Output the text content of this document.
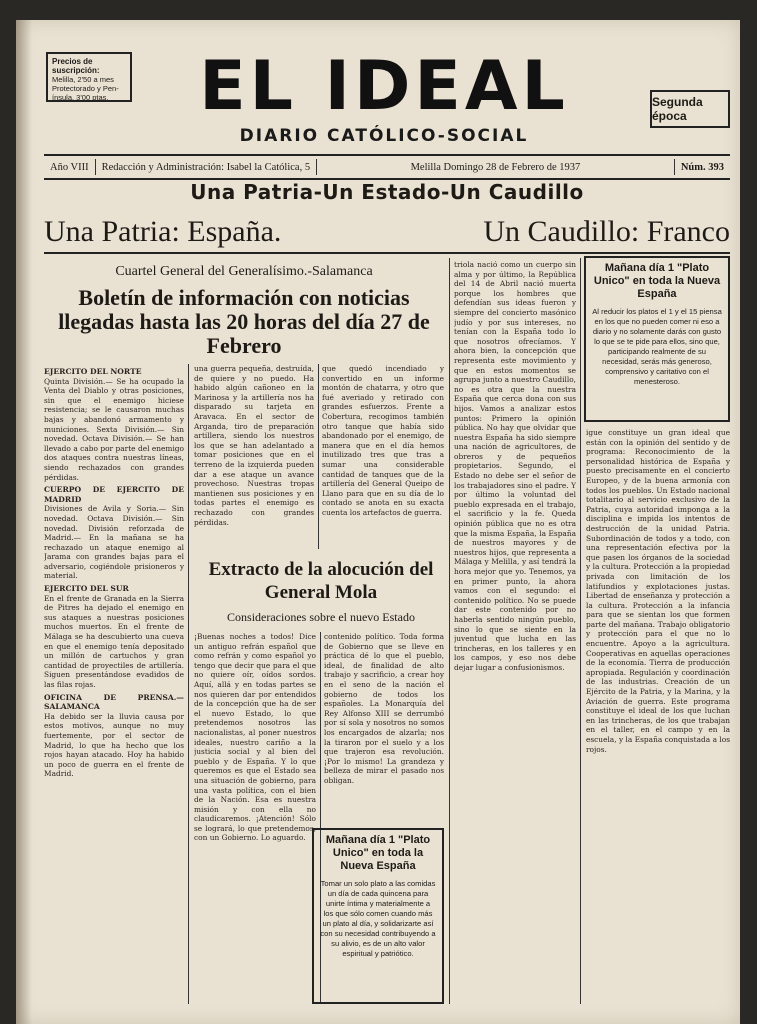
Precios de suscripción:
Melilla, 2'50 a mes
Protectorado y Pen-
ínsula, 3'00 ptas.	EL IDEAL
DIARIO CATÓLICO-SOCIAL
Segunda época
Año VIII	Redacción y Administración: Isabel la Católica, 5	Melilla Domingo 28 de Febrero de 1937	Núm. 393
Una Patria-Un Estado-Un Caudillo
Una Patria: España.	Un Caudillo: Franco
Cuartel General del Generalísimo.-Salamanca
Boletín de información con noticias llegadas hasta las 20 horas del día 27 de Febrero
EJERCITO DEL NORTE
Quinta División.— Se ha ocupado la Venta del Diablo y otras posiciones, sin que el enemigo hiciese resistencia; se le causaron muchas bajas y abandonó armamento y municiones. Sexta División.— Sin novedad. Octava División.— Se han llevado a cabo por parte del enemigo dos ataques contra nuestras líneas, siendo rechazados con grandes pérdidas.
CUERPO DE EJERCITO DE MADRID
Divisiones de Avila y Soria.— Sin novedad. Octava División.— Sin novedad. División reforzada de Madrid.— En la mañana se ha rechazado un ataque enemigo al Jarama con grandes bajas para el adversario, cogiéndole prisioneros y material.
EJERCITO DEL SUR
En el frente de Granada en la Sierra de Pitres ha dejado el enemigo en sus ataques a nuestras posiciones muchos muertos. En el frente de Málaga se ha descubierto una cueva en que el enemigo tenía depositado un millón de cartuchos y gran cantidad de proyectiles de artillería. Siguen presentándose evadidos de las filas rojas.
OFICINA DE PRENSA.— SALAMANCA
Ha debido ser la lluvia causa por estos motivos, aunque no muy fuertemente, por el sector de Madrid, lo que ha hecho que los rojos hayan atacado. Hoy ha habido un poco de guerra en el frente de Madrid.
una guerra pequeña, destruída, de quiere y no puedo. Ha habido algún cañoneo en la Marinosa y la artillería nos ha disparado su tarjeta en Aravaca. En el sector de Arganda, tiro de preparación artillera, siendo los nuestros los que se han adelantado a tomar posiciones que en el terreno de la izquierda pueden dar a ese ataque un avance provechoso. Nuestras tropas mantienen sus posiciones y en todas partes el enemigo es rechazado con grandes pérdidas.
que quedó incendiado y convertido en un informe montón de chatarra, y otro que fué averiado y retirado con grandes esfuerzos. Frente a Cobertura, recogimos también otro tanque que había sido abandonado por el enemigo, de manera que en el día hemos inutilizado tres que tras a sumar una considerable cantidad de tanques que de la artillería del General Queipo de Llano para que en su día de lo contado se anota en su exacta cuenta los artefactos de guerra.
Extracto de la alocución del General Mola
Consideraciones sobre el nuevo Estado
¡Buenas noches a todos! Dice un antiguo refrán español que como refrán y como español yo tengo que decir que para el que no quiere oír, oídos sordos. Aquí, allá y en todas partes se nos quieren dar por entendidos de la concepción que ha de ser el nuevo Estado, lo que pretendemos nosotros las nacionalistas, al poner nuestros ideales, nuestro cariño a la justicia social y al bien del pueblo y de España. Y lo que queremos es que el Estado sea una situación de gobierno, para una vasta política, con el bien de la Nación. Esa es nuestra misión y con ella no claudicaremos. ¡Atención! Sólo se logrará, lo que pretendemos, con un Gobierno. Lo aguardo.
contenido político. Toda forma de Gobierno que se lleve en práctica dé lo que el pueblo, ideal, de finalidad de alto trabajo y sacrificio, a crear hoy en el seno de la nación el gobierno de todos los españoles. La Monarquía del Rey Alfonso XIII se derrumbó por sí sola y nosotros no somos los encargados de alzarla; nos la tiraron por el suelo y a los que trajeron esa revolución. ¡Por lo mismo! La grandeza y belleza de mirar el pasado nos obligan.
Mañana día 1 "Plato Unico" en toda la Nueva España
Tomar un solo plato a las comidas un día de cada quincena para unirte íntima y materialmente a los que sólo comen cuando más un plato al día, y solidarizarte así con su necesidad contribuyendo a su alivio, es de un alto valor espiritual y patriótico.
triola nació como un cuerpo sin alma y por último, la República del 14 de Abril nació muerta porque los hombres que defendían sus ideas fueron y siempre del concierto masónico judío y por sus intereses, no tenían con la España todo lo que nosotros ofrecíamos. Y ahora bien, la concepción que representa este movimiento y que en estos momentos se agrupa junto a nuestro Caudillo, no es otra que la nuestra España que cerca dona con sus hijos. Vamos a analizar estos puntos: Primero la opinión pública. No hay que olvidar que nuestra España ha sido siempre una nación de agricultores, de obreros y de pequeños propietarios. Segundo, el Estado no debe ser el señor de los trabajadores sino el padre. Y por último la voluntad del pueblo expresada en el trabajo, el sacrificio y la fe. Queda opinión pública que no es otra que la misma España, la España de nuestros mayores y de nuestros hijos, que representa a Málaga y Melilla, y así tendrá la hora mejor que yo. Tenemos, ya en primer punto, la ahora vamos con el segundo: el contenido político. No se puede dar este contenido por no haberla sentido ningún pueblo, sino lo que se siente en la juventud que lucha en las trincheras, en los talleres y en los campos, y eso nos debe dejar lugar a confusionismos.
Mañana día 1 "Plato Unico" en toda la Nueva España
Al reducir los platos el 1 y el 15 piensa en los que no pueden comer ni eso a diario y no solamente darás con gusto lo que se te pide para ellos, sino que, participando realmente de su necesidad, serás más generoso, comprensivo y caritativo con el menesteroso.
igue constituye un gran ideal que están con la opinión del sentido y de programa: Reconocimiento de la personalidad histórica de España y puesto precisamente en el concierto Europeo, y de la buena armonía con todos los pueblos. Un Estado nacional totalitario al servicio exclusivo de la Patria, cuya autoridad imponga a la disciplina e impida los intentos de destrucción de la unidad Patria. Subordinación de todos y a todo, con una representación efectiva por la que pasen los órganos de la sociedad y la cultura. Protección a la propiedad privada con limitación de los latifundios y explotaciones justas. Libertad de enseñanza y protección a la cultura. Protección a la infancia para que se sientan los que formen parte del mañana. Trabajo obligatorio y protección para el que no lo encuentre. Apoyo a la agricultura. Cooperativas en aquellas operaciones de la economía. Tierra de producción apropiada. Regulación y coordinación de las industrias. Creación de un Ejército de la Patria, y la Marina, y la Aviación de guerra. Este programa constituye el ideal de los que luchan en las trincheras, de los que trabajan en el taller, en el campo y en la escuela, y la España conquistada a los rojos.
